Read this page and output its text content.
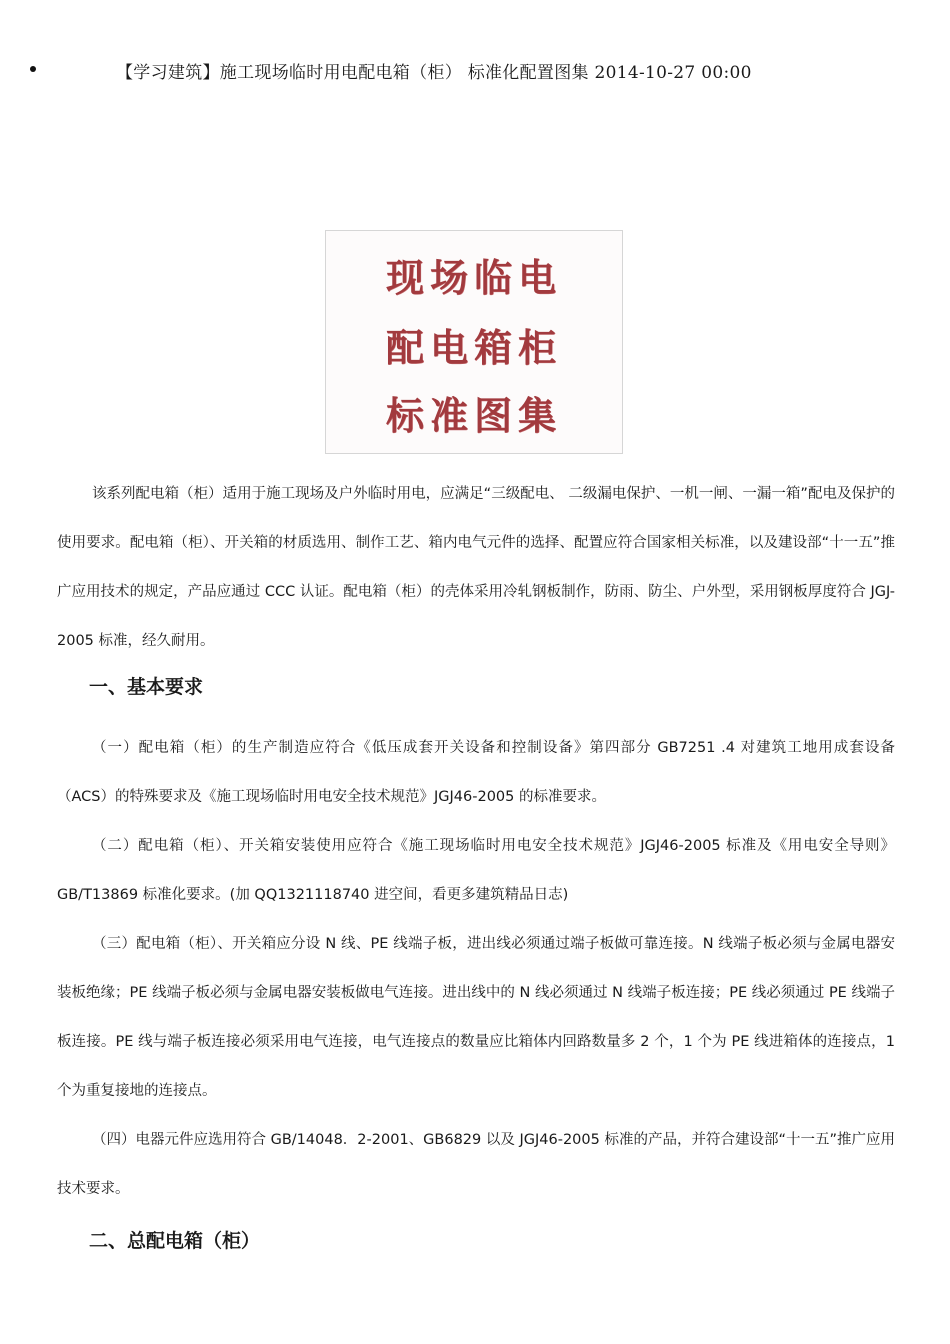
【学习建筑】施工现场临时用电配电箱（柜） 标准化配置图集 2014-10-27 00:00
现场临电
配电箱柜
标准图集

该系列配电箱（柜）适用于施工现场及户外临时用电，应满足“三级配电、 二级漏电保护、一机一闸、一漏一箱”配电及保护的使用要求。配电箱（柜）、开关箱的材质选用、制作工艺、箱内电气元件的选择、配置应符合国家相关标准，以及建设部“十一五”推广应用技术的规定，产品应通过 CCC 认证。配电箱（柜）的壳体采用冷轧钢板制作，防雨、防尘、户外型，采用钢板厚度符合 JGJ-2005 标准，经久耐用。

一、基本要求

（一）配电箱（柜）的生产制造应符合《低压成套开关设备和控制设备》第四部分 GB7251 .4 对建筑工地用成套设备（ACS）的特殊要求及《施工现场临时用电安全技术规范》JGJ46-2005 的标准要求。

（二）配电箱（柜）、开关箱安装使用应符合《施工现场临时用电安全技术规范》JGJ46-2005 标准及《用电安全导则》GB/T13869 标准化要求。(加 QQ1321118740 进空间，看更多建筑精品日志)

（三）配电箱（柜）、开关箱应分设 N 线、PE 线端子板，进出线必须通过端子板做可靠连接。N 线端子板必须与金属电器安装板绝缘；PE 线端子板必须与金属电器安装板做电气连接。进出线中的 N 线必须通过 N 线端子板连接；PE 线必须通过 PE 线端子板连接。PE 线与端子板连接必须采用电气连接，电气连接点的数量应比箱体内回路数量多 2 个，1 个为 PE 线进箱体的连接点，1 个为重复接地的连接点。

（四）电器元件应选用符合 GB/14048．2-2001、GB6829 以及 JGJ46-2005 标准的产品，并符合建设部“十一五”推广应用技术要求。

二、总配电箱（柜）
